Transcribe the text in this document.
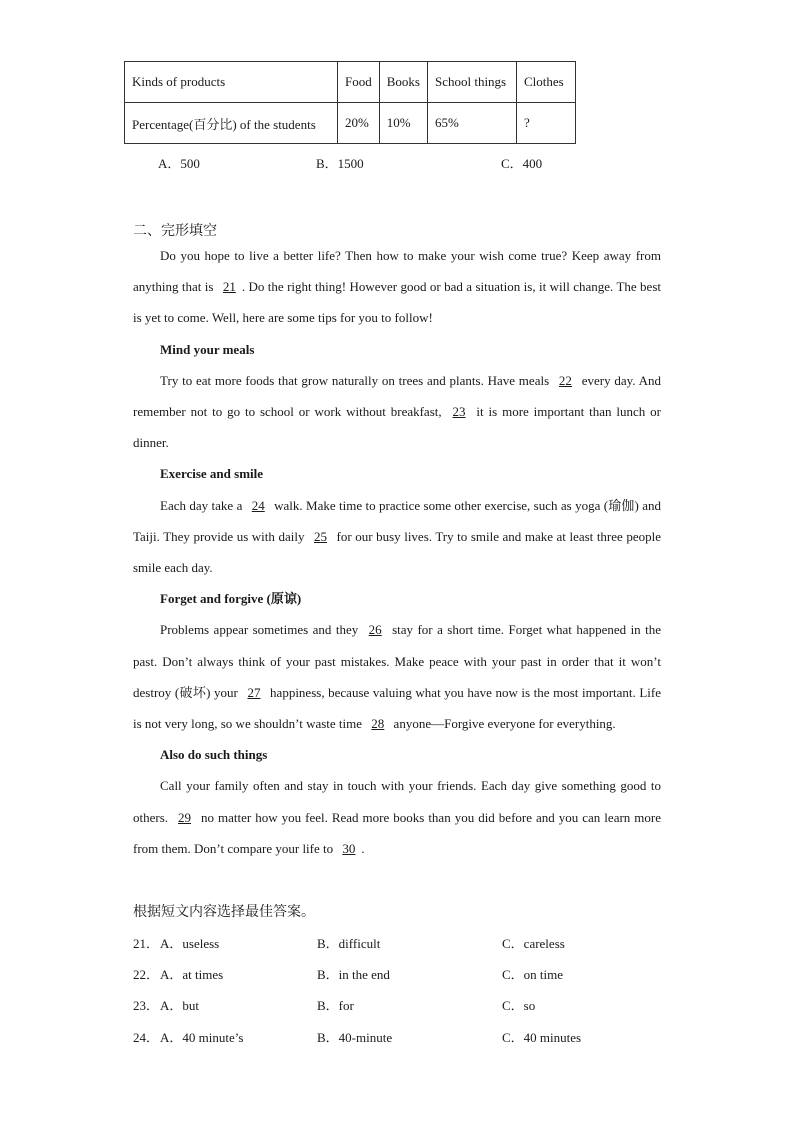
Kinds of products	Food	Books	School things	Clothes
Percentage(百分比) of the students	20%	10%	65%	?
A．500	B．1500	C．400
二、完形填空

Do you hope to live a better life? Then how to make your wish come true? Keep away from anything that is 21 . Do the right thing! However good or bad a situation is, it will change. The best is yet to come. Well, here are some tips for you to follow!

Mind your meals

Try to eat more foods that grow naturally on trees and plants. Have meals 22 every day. And remember not to go to school or work without breakfast, 23 it is more important than lunch or dinner.

Exercise and smile

Each day take a 24 walk. Make time to practice some other exercise, such as yoga (瑜伽) and Taiji. They provide us with daily 25 for our busy lives. Try to smile and make at least three people smile each day.

Forget and forgive (原谅)

Problems appear sometimes and they 26 stay for a short time. Forget what happened in the past. Don’t always think of your past mistakes. Make peace with your past in order that it won’t destroy (破坏) your 27 happiness, because valuing what you have now is the most important. Life is not very long, so we shouldn’t waste time 28 anyone—Forgive everyone for everything.

Also do such things

Call your family often and stay in touch with your friends. Each day give something good to others. 29 no matter how you feel. Read more books than you did before and you can learn more from them. Don’t compare your life to 30 .

根据短文内容选择最佳答案。
21． A．useless	B．difficult	C．careless
22． A．at times	B．in the end	C．on time
23． A．but	B．for	C．so
24． A．40 minute’s	B．40-minute	C．40 minutes
